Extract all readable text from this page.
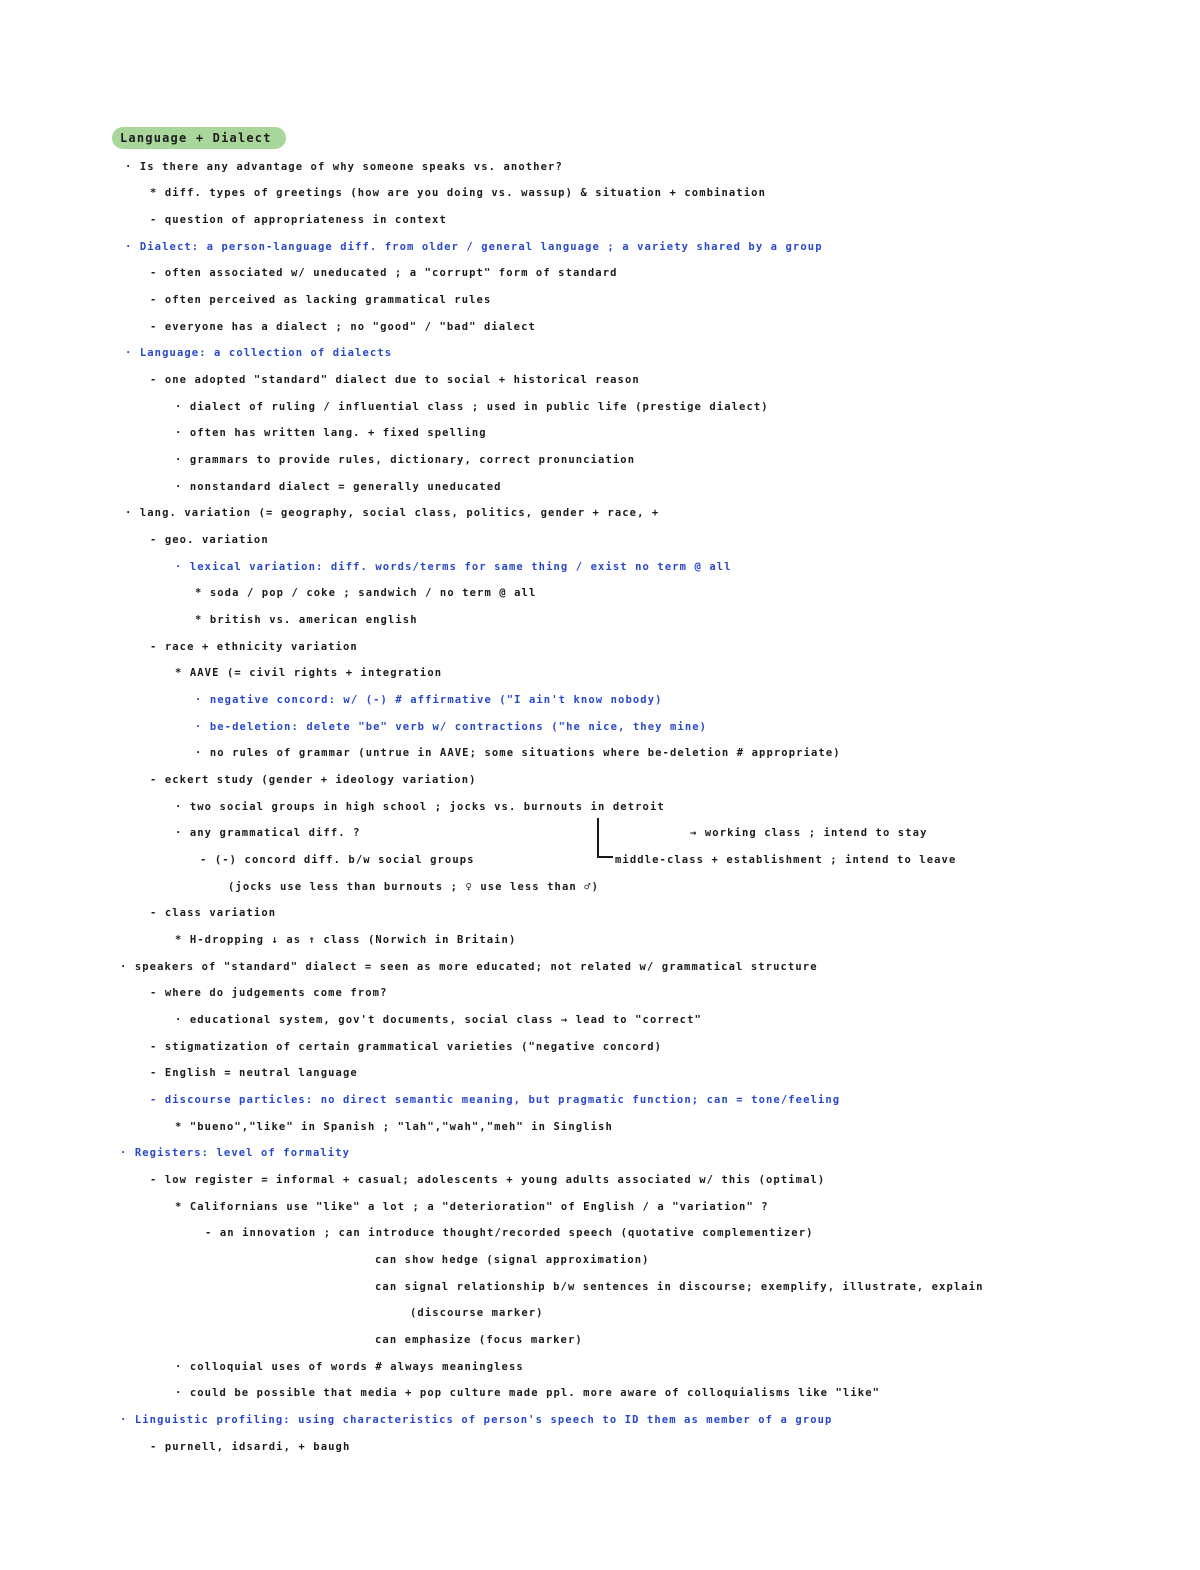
Language + Dialect
· Is there any advantage of why someone speaks vs. another?
* diff. types of greetings (how are you doing vs. wassup) & situation + combination
- question of appropriateness in context
· Dialect: a person-language diff. from older / general language ; a variety shared by a group
- often associated w/ uneducated ; a "corrupt" form of standard
- often perceived as lacking grammatical rules
- everyone has a dialect ; no "good" / "bad" dialect
· Language: a collection of dialects
- one adopted "standard" dialect due to social + historical reason
· dialect of ruling / influential class ; used in public life (prestige dialect)
· often has written lang. + fixed spelling
· grammars to provide rules, dictionary, correct pronunciation
· nonstandard dialect = generally uneducated
· lang. variation (= geography, social class, politics, gender + race, +
- geo. variation
· lexical variation: diff. words/terms for same thing / exist no term @ all
* soda / pop / coke ; sandwich / no term @ all
* british vs. american english
- race + ethnicity variation
* AAVE (= civil rights + integration
· negative concord: w/ (-) # affirmative ("I ain't know nobody)
· be-deletion: delete "be" verb w/ contractions ("he nice, they mine)
· no rules of grammar (untrue in AAVE; some situations where be-deletion # appropriate)
- eckert study (gender + ideology variation)
· two social groups in high school ; jocks vs. burnouts in detroit
· any grammatical diff. ?	→ working class ; intend to stay
- (-) concord diff. b/w social groups	middle-class + establishment ; intend to leave
(jocks use less than burnouts ; ♀ use less than ♂)
- class variation
* H-dropping ↓ as ↑ class (Norwich in Britain)
· speakers of "standard" dialect = seen as more educated; not related w/ grammatical structure
- where do judgements come from?
· educational system, gov't documents, social class → lead to "correct"
- stigmatization of certain grammatical varieties ("negative concord)
- English = neutral language
- discourse particles: no direct semantic meaning, but pragmatic function; can = tone/feeling
* "bueno","like" in Spanish ; "lah","wah","meh" in Singlish
· Registers: level of formality
- low register = informal + casual; adolescents + young adults associated w/ this (optimal)
* Californians use "like" a lot ; a "deterioration" of English / a "variation" ?
- an innovation ; can introduce thought/recorded speech (quotative complementizer)
can show hedge (signal approximation)
can signal relationship b/w sentences in discourse; exemplify, illustrate, explain
(discourse marker)
can emphasize (focus marker)
· colloquial uses of words # always meaningless
· could be possible that media + pop culture made ppl. more aware of colloquialisms like "like"
· Linguistic profiling: using characteristics of person's speech to ID them as member of a group
- purnell, idsardi, + baugh
